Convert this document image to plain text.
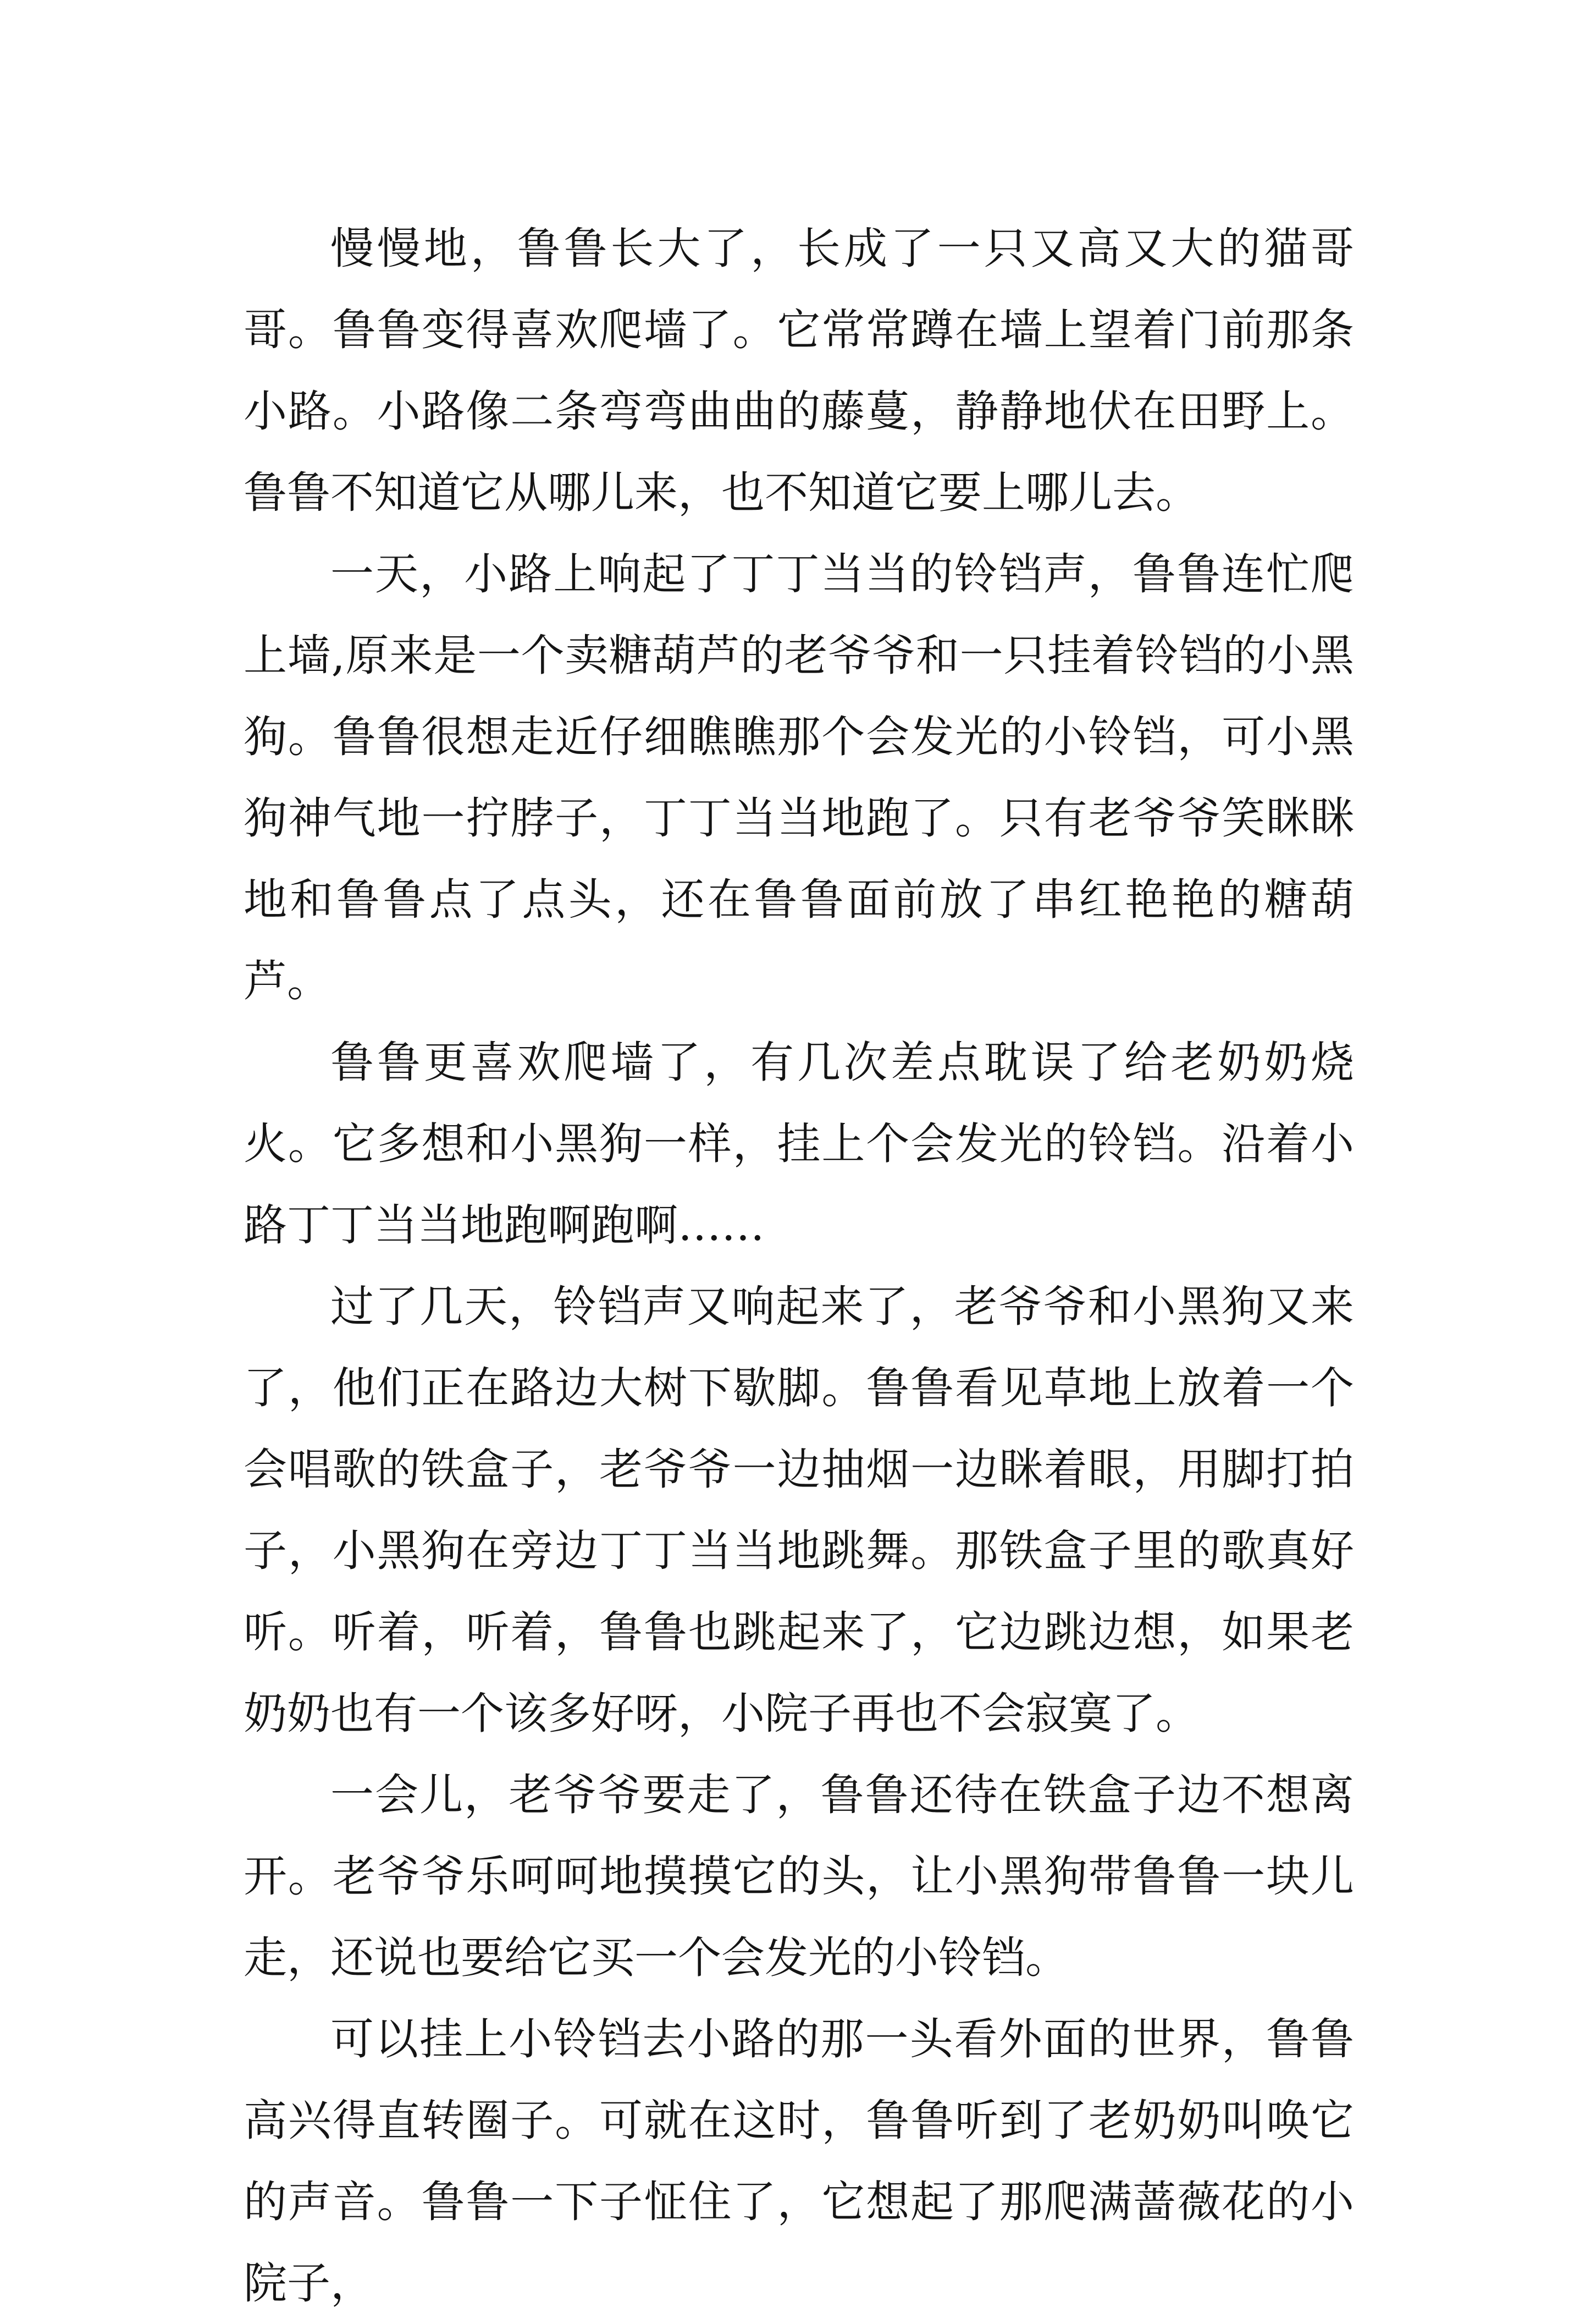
慢慢地，鲁鲁长大了，长成了一只又高又大的猫哥哥。鲁鲁变得喜欢爬墙了。它常常蹲在墙上望着门前那条小路。小路像二条弯弯曲曲的藤蔓，静静地伏在田野上。鲁鲁不知道它从哪儿来，也不知道它要上哪儿去。

一天，小路上响起了丁丁当当的铃铛声，鲁鲁连忙爬上墙,原来是一个卖糖葫芦的老爷爷和一只挂着铃铛的小黑狗。鲁鲁很想走近仔细瞧瞧那个会发光的小铃铛，可小黑狗神气地一拧脖子，丁丁当当地跑了。只有老爷爷笑眯眯地和鲁鲁点了点头，还在鲁鲁面前放了串红艳艳的糖葫芦。

鲁鲁更喜欢爬墙了，有几次差点耽误了给老奶奶烧火。它多想和小黑狗一样，挂上个会发光的铃铛。沿着小路丁丁当当地跑啊跑啊……

过了几天，铃铛声又响起来了，老爷爷和小黑狗又来了，他们正在路边大树下歇脚。鲁鲁看见草地上放着一个会唱歌的铁盒子，老爷爷一边抽烟一边眯着眼，用脚打拍子，小黑狗在旁边丁丁当当地跳舞。那铁盒子里的歌真好听。听着，听着，鲁鲁也跳起来了，它边跳边想，如果老奶奶也有一个该多好呀，小院子再也不会寂寞了。

一会儿，老爷爷要走了，鲁鲁还待在铁盒子边不想离开。老爷爷乐呵呵地摸摸它的头，让小黑狗带鲁鲁一块儿走，还说也要给它买一个会发光的小铃铛。

可以挂上小铃铛去小路的那一头看外面的世界，鲁鲁高兴得直转圈子。可就在这时，鲁鲁听到了老奶奶叫唤它的声音。鲁鲁一下子怔住了，它想起了那爬满蔷薇花的小院子，
